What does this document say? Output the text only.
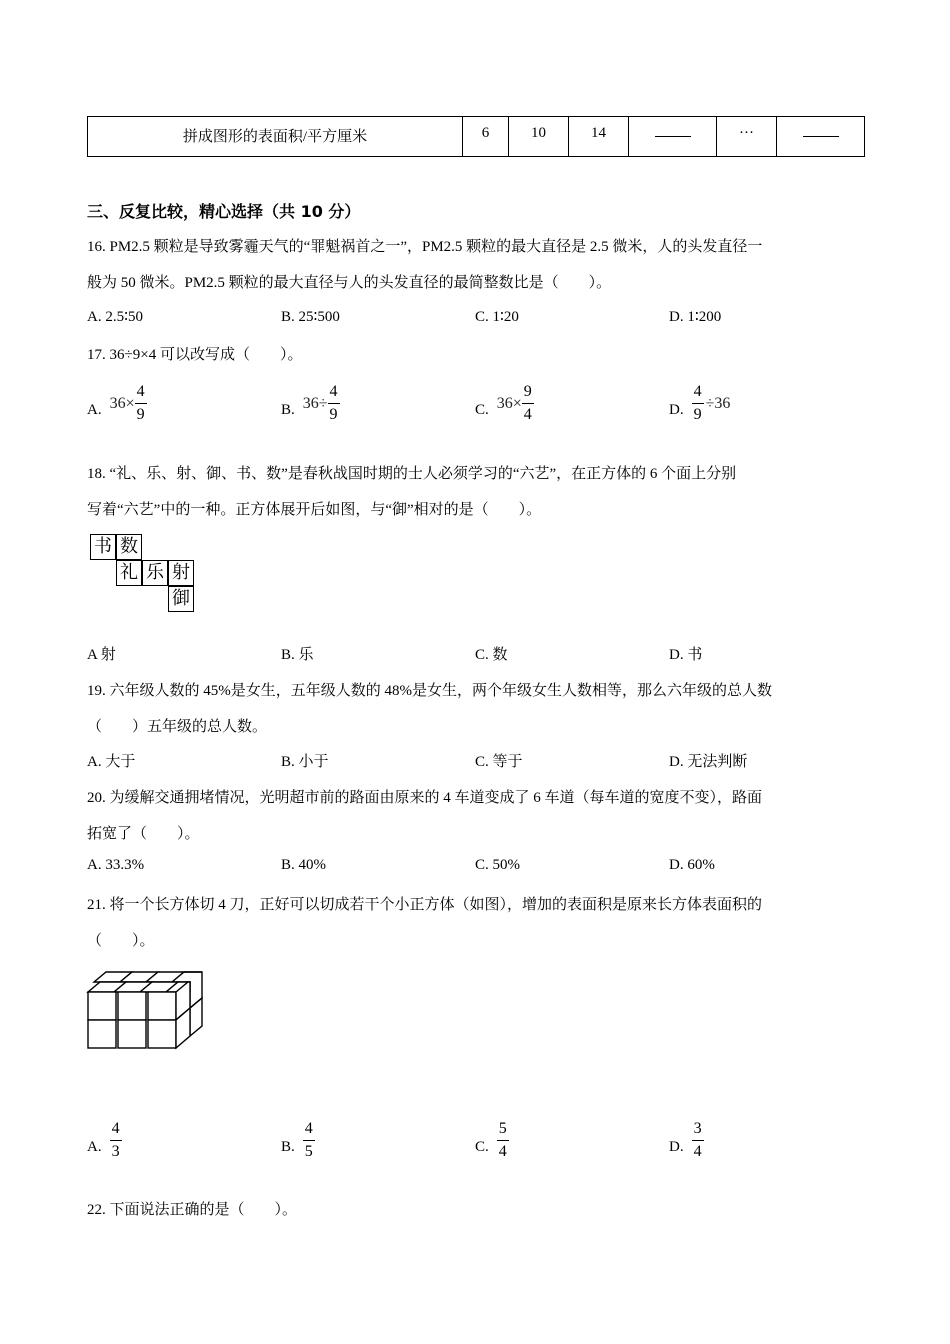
拼成图形的表面积/平方厘米	6	10	14		···	
三、反复比较，精心选择（共 10 分）
16. PM2.5 颗粒是导致雾霾天气的“罪魁祸首之一”，PM2.5 颗粒的最大直径是 2.5 微米，人的头发直径一
般为 50 微米。PM2.5 颗粒的最大直径与人的头发直径的最简整数比是（　　）。
A. 2.5∶50	B. 25∶500	C. 1∶20	D. 1∶200
17. 36÷9×4 可以改写成（　　）。
A. $36\times \frac{4}{9}$	B. $36\div \frac{4}{9}$	C. $36\times \frac{9}{4}$	D. $\frac{4}{9} \div 36$
18. “礼、乐、射、御、书、数”是春秋战国时期的士人必须学习的“六艺”，在正方体的 6 个面上分别
写着“六艺”中的一种。正方体展开后如图，与“御”相对的是（　　）。
书 数
礼 乐 射
御
A 射	B. 乐	C. 数	D. 书
19. 六年级人数的 45%是女生，五年级人数的 48%是女生，两个年级女生人数相等，那么六年级的总人数
（　　）五年级的总人数。
A. 大于	B. 小于	C. 等于	D. 无法判断
20. 为缓解交通拥堵情况，光明超市前的路面由原来的 4 车道变成了 6 车道（每车道的宽度不变），路面
拓宽了（　　）。
A. 33.3%	B. 40%	C. 50%	D. 60%
21. 将一个长方体切 4 刀，正好可以切成若干个小正方体（如图），增加的表面积是原来长方体表面积的
（　　）。
A. $\frac{4}{3}$	B. $\frac{4}{5}$	C. $\frac{5}{4}$	D. $\frac{3}{4}$
22. 下面说法正确的是（　　）。
